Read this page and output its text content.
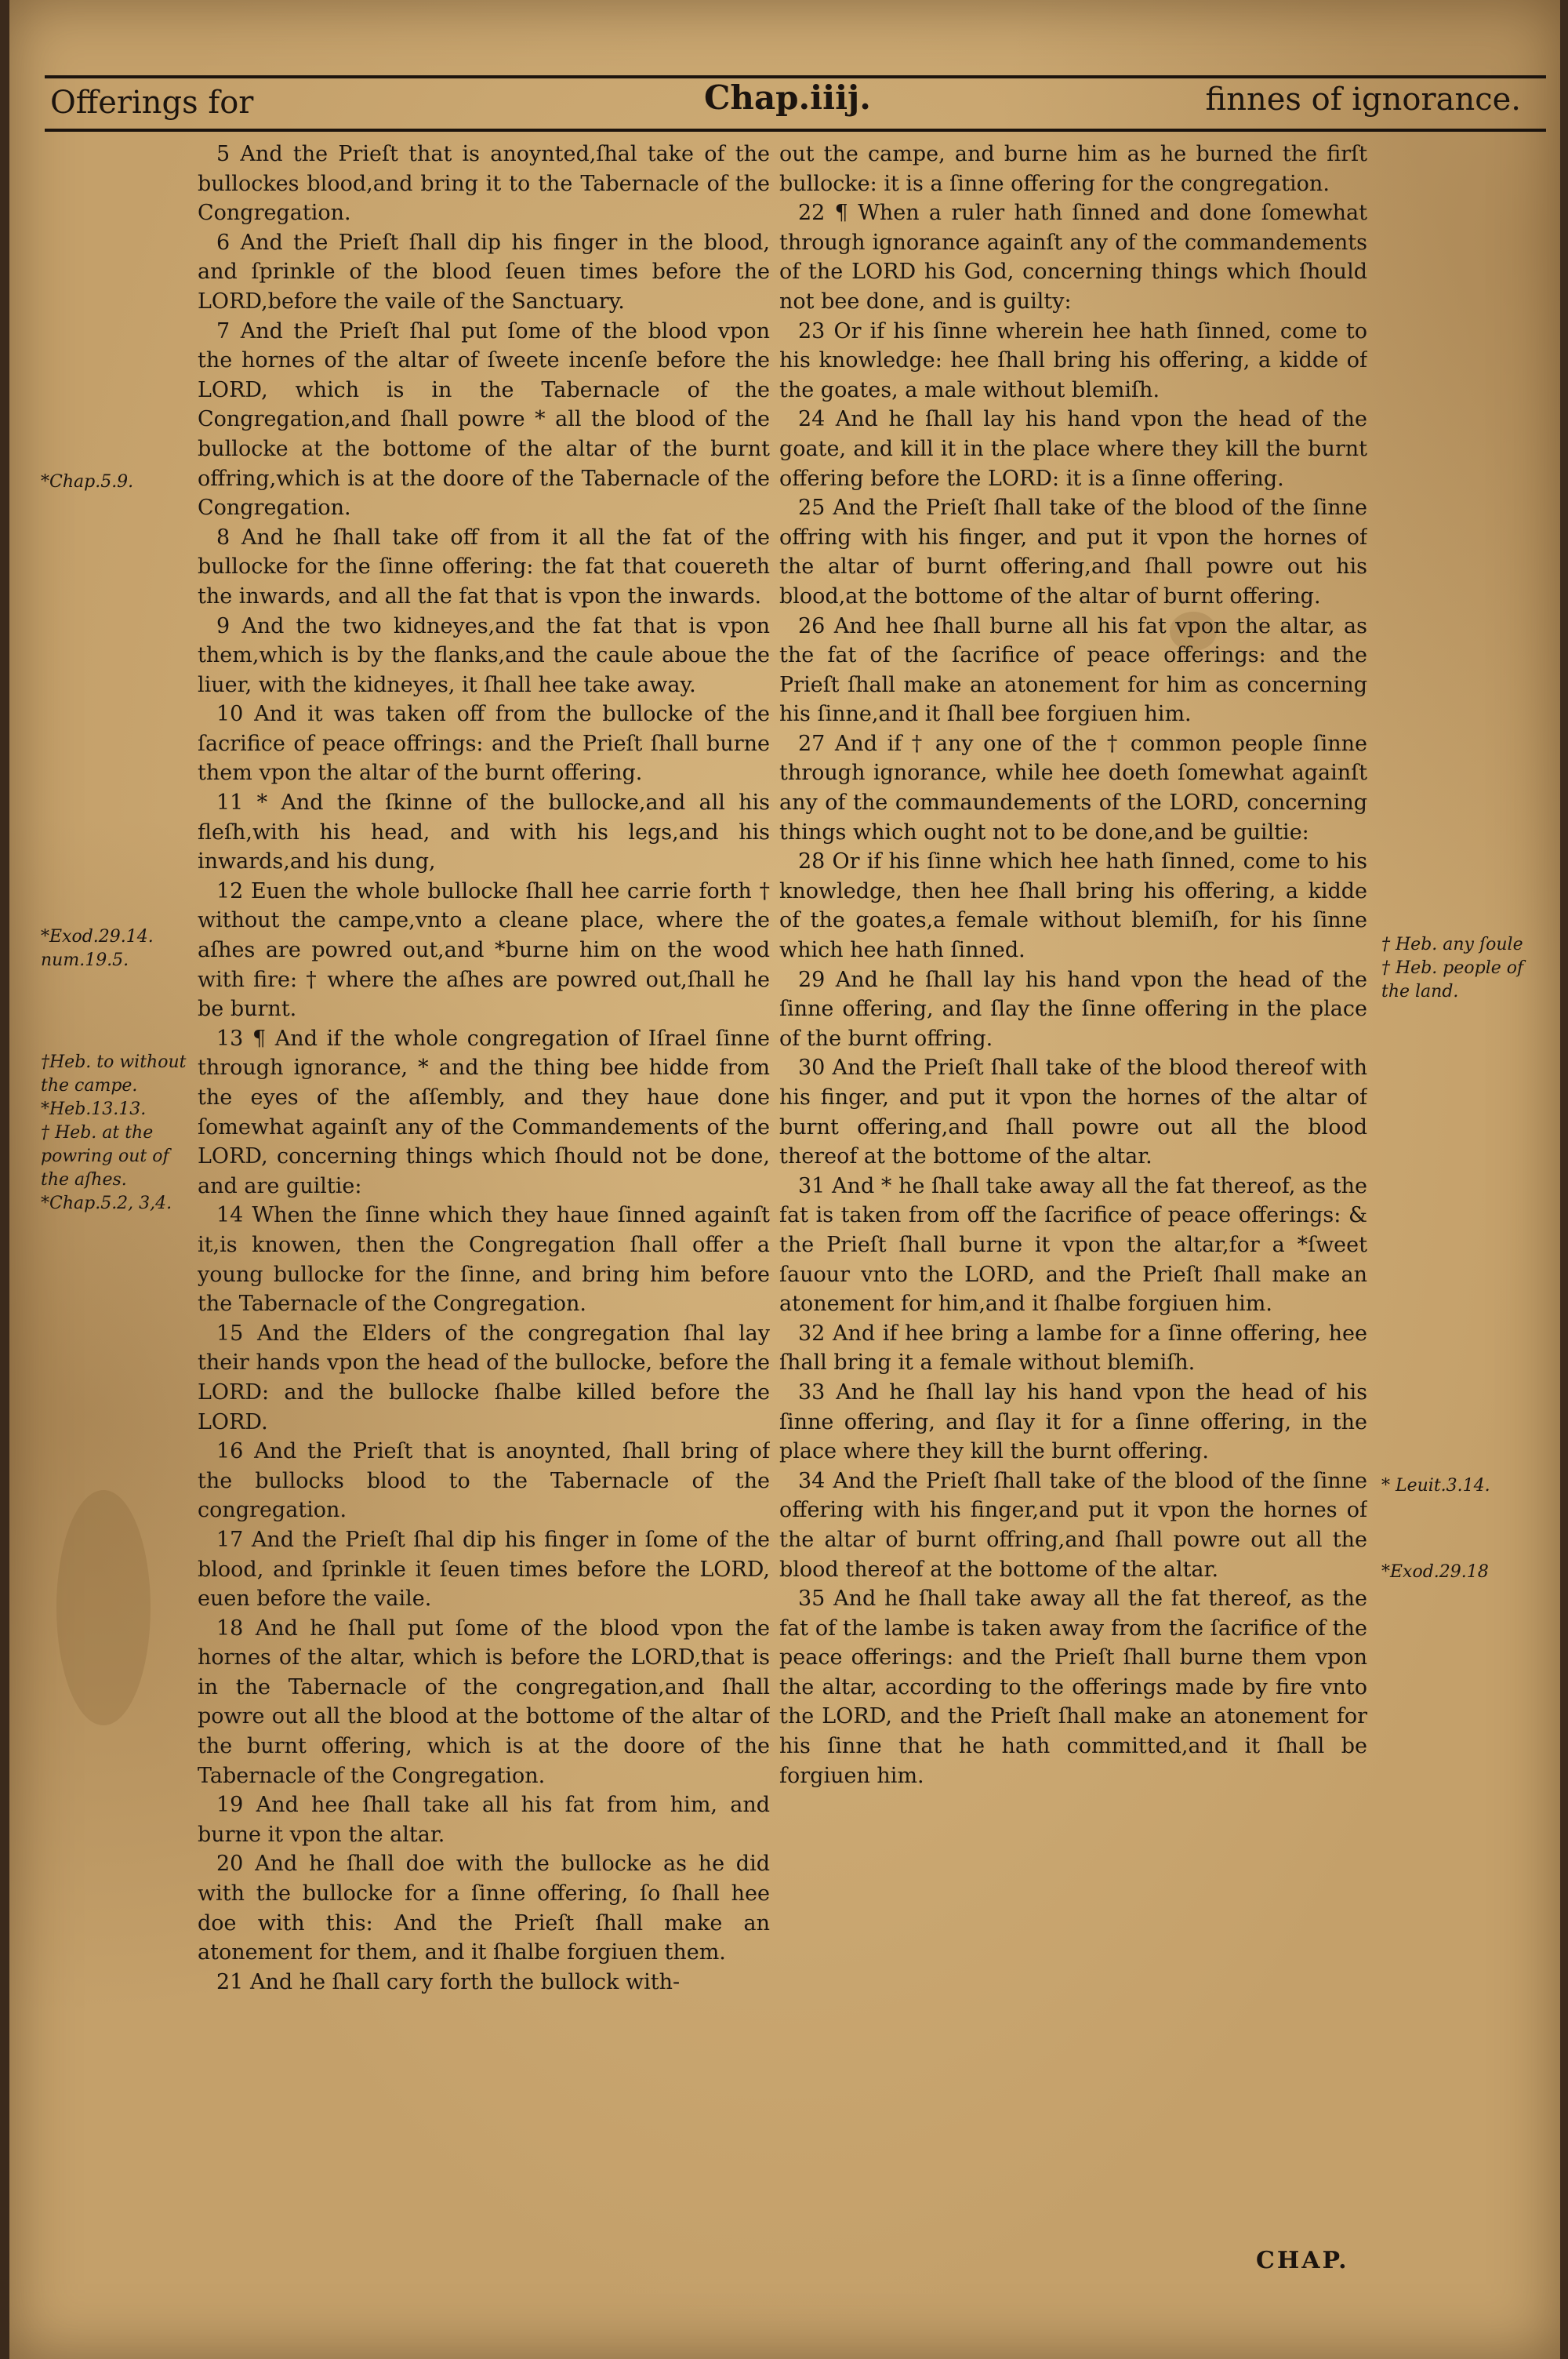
Offerings for	Chap.iiij.	finnes of ignorance.

5 And the Prieſt that is anoynted,ſhal take of the bullockes blood,and bring it to the Tabernacle of the Congregation.

6 And the Prieſt ſhall dip his finger in the blood, and ſprinkle of the blood ſeuen times before the LORD,before the vaile of the Sanctuary.

7 And the Prieſt ſhal put ſome of the blood vpon the hornes of the altar of ſweete incenſe before the LORD, which is in the Tabernacle of the Congregation,and ſhall powre * all the blood of the bullocke at the bottome of the altar of the burnt offring,which is at the doore of the Tabernacle of the Congregation.

8 And he ſhall take off from it all the fat of the bullocke for the ſinne offering: the fat that couereth the inwards, and all the fat that is vpon the inwards.

9 And the two kidneyes,and the fat that is vpon them,which is by the flanks,and the caule aboue the liuer, with the kidneyes, it ſhall hee take away.

10 And it was taken off from the bullocke of the ſacrifice of peace offrings: and the Prieſt ſhall burne them vpon the altar of the burnt offering.

11 * And the ſkinne of the bullocke,and all his fleſh,with his head, and with his legs,and his inwards,and his dung,

12 Euen the whole bullocke ſhall hee carrie forth † without the campe,vnto a cleane place, where the aſhes are powred out,and *burne him on the wood with fire: † where the aſhes are powred out,ſhall he be burnt.

13 ¶ And if the whole congregation of Iſrael ſinne through ignorance, * and the thing bee hidde from the eyes of the aſſembly, and they haue done ſomewhat againſt any of the Commandements of the LORD, concerning things which ſhould not be done, and are guiltie:

14 When the ſinne which they haue ſinned againſt it,is knowen, then the Congregation ſhall offer a young bullocke for the ſinne, and bring him before the Tabernacle of the Congregation.

15 And the Elders of the congregation ſhal lay their hands vpon the head of the bullocke, before the LORD: and the bullocke ſhalbe killed before the LORD.

16 And the Prieſt that is anoynted, ſhall bring of the bullocks blood to the Tabernacle of the congregation.

17 And the Prieſt ſhal dip his finger in ſome of the blood, and ſprinkle it ſeuen times before the LORD, euen before the vaile.

18 And he ſhall put ſome of the blood vpon the hornes of the altar, which is before the LORD,that is in the Tabernacle of the congregation,and ſhall powre out all the blood at the bottome of the altar of the burnt offering, which is at the doore of the Tabernacle of the Congregation.

19 And hee ſhall take all his fat from him, and burne it vpon the altar.

20 And he ſhall doe with the bullocke as he did with the bullocke for a ſinne offering, ſo ſhall hee doe with this: And the Prieſt ſhall make an atonement for them, and it ſhalbe forgiuen them.

21 And he ſhall cary forth the bullock with-

out the campe, and burne him as he burned the firſt bullocke: it is a ſinne offering for the congregation.

22 ¶ When a ruler hath ſinned and done ſomewhat through ignorance againſt any of the commandements of the LORD his God, concerning things which ſhould not bee done, and is guilty:

23 Or if his ſinne wherein hee hath ſinned, come to his knowledge: hee ſhall bring his offering, a kidde of the goates, a male without blemiſh.

24 And he ſhall lay his hand vpon the head of the goate, and kill it in the place where they kill the burnt offering before the LORD: it is a ſinne offering.

25 And the Prieſt ſhall take of the blood of the ſinne offring with his finger, and put it vpon the hornes of the altar of burnt offering,and ſhall powre out his blood,at the bottome of the altar of burnt offering.

26 And hee ſhall burne all his fat vpon the altar, as the fat of the ſacrifice of peace offerings: and the Prieſt ſhall make an atonement for him as concerning his ſinne,and it ſhall bee forgiuen him.

27 And if † any one of the † common people ſinne through ignorance, while hee doeth ſomewhat againſt any of the commaundements of the LORD, concerning things which ought not to be done,and be guiltie:

28 Or if his ſinne which hee hath ſinned, come to his knowledge, then hee ſhall bring his offering, a kidde of the goates,a female without blemiſh, for his ſinne which hee hath ſinned.

29 And he ſhall lay his hand vpon the head of the ſinne offering, and ſlay the ſinne offering in the place of the burnt offring.

30 And the Prieſt ſhall take of the blood thereof with his finger, and put it vpon the hornes of the altar of burnt offering,and ſhall powre out all the blood thereof at the bottome of the altar.

31 And * he ſhall take away all the fat thereof, as the fat is taken from off the ſacrifice of peace offerings: & the Prieſt ſhall burne it vpon the altar,for a *ſweet ſauour vnto the LORD, and the Prieſt ſhall make an atonement for him,and it ſhalbe forgiuen him.

32 And if hee bring a lambe for a ſinne offering, hee ſhall bring it a female without blemiſh.

33 And he ſhall lay his hand vpon the head of his ſinne offering, and ſlay it for a ſinne offering, in the place where they kill the burnt offering.

34 And the Prieſt ſhall take of the blood of the ſinne offering with his finger,and put it vpon the hornes of the altar of burnt offring,and ſhall powre out all the blood thereof at the bottome of the altar.

35 And he ſhall take away all the fat thereof, as the fat of the lambe is taken away from the ſacrifice of the peace offerings: and the Prieſt ſhall burne them vpon the altar, according to the offerings made by fire vnto the LORD, and the Prieſt ſhall make an atonement for his ſinne that he hath committed,and it ſhall be forgiuen him.

*Chap.5.9.
*Exod.29.14. num.19.5.
†Heb. to without the campe.
*Heb.13.13.
† Heb. at the powring out of the aſhes.
*Chap.5.2, 3,4.
† Heb. any ſoule
† Heb. people of the land.
* Leuit.3.14.
*Exod.29.18
CHAP.
